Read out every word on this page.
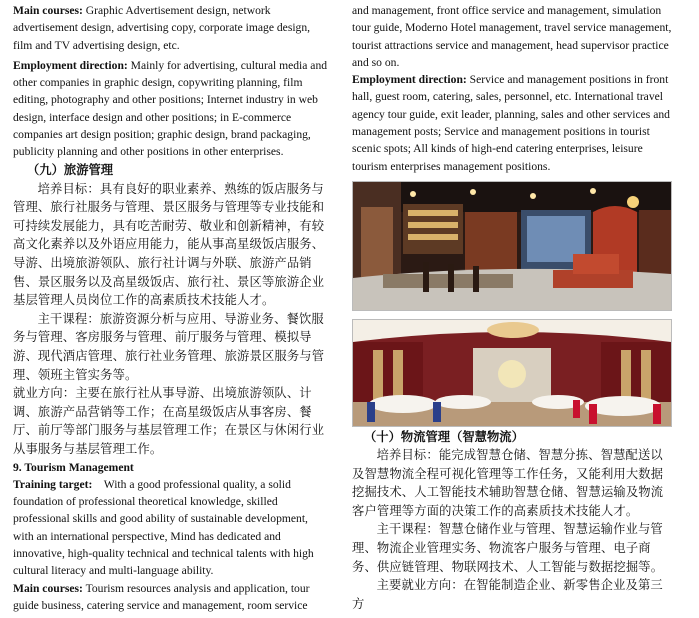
Main courses: Graphic Advertisement design, network advertisement design, advertising copy, corporate image design, film and TV advertising design, etc.

Employment direction: Mainly for advertising, cultural media and other companies in graphic design, copywriting planning, film editing, photography and other positions; Internet industry in web design, interface design and other positions; in E-commerce companies art design position; graphic design, brand packaging, publicity planning and other positions in other enterprises.

（九）旅游管理

培养目标：具有良好的职业素养、熟练的饭店服务与管理、旅行社服务与管理、景区服务与管理等专业技能和可持续发展能力，具有吃苦耐劳、敬业和创新精神，有较高文化素养以及外语应用能力，能从事高星级饭店服务、导游、出境旅游领队、旅行社计调与外联、旅游产品销售、景区服务以及高星级饭店、旅行社、景区等旅游企业基层管理人员岗位工作的高素质技术技能人才。

主干课程：旅游资源分析与应用、导游业务、餐饮服务与管理、客房服务与管理、前厅服务与管理、模拟导游、现代酒店管理、旅行社业务管理、旅游景区服务与管理、领班主管实务等。

就业方向：主要在旅行社从事导游、出境旅游领队、计调、旅游产品营销等工作；在高星级饭店从事客房、餐厅、前厅等部门服务与基层管理工作；在景区与休闲行业从事服务与基层管理工作。

9. Tourism Management

Training target: With a good professional quality, a solid foundation of professional theoretical knowledge, skilled professional skills and good ability of sustainable development, with an international perspective, Mind has dedicated and innovative, high-quality technical and technical talents with high cultural literacy and multi-language ability.

Main courses: Tourism resources analysis and application, tour guide business, catering service and management, room service

and management, front office service and management, simulation tour guide, Moderno Hotel management, travel service management, tourist attractions service and management, head supervisor practice and so on.

Employment direction: Service and management positions in front hall, guest room, catering, sales, personnel, etc. International travel agency tour guide, exit leader, planning, sales and other services and management posts; Service and management positions in tourist scenic spots; All kinds of high-end catering enterprises, leisure tourism enterprises management positions.

（十）物流管理（智慧物流）

培养目标：能完成智慧仓储、智慧分拣、智慧配送以及智慧物流全程可视化管理等工作任务，又能利用大数据挖掘技术、人工智能技术辅助智慧仓储、智慧运输及物流客户管理等方面的决策工作的高素质技术技能人才。

主干课程：智慧仓储作业与管理、智慧运输作业与管理、物流企业管理实务、物流客户服务与管理、电子商务、供应链管理、物联网技术、人工智能与数据挖掘等。

主要就业方向：在智能制造企业、新零售企业及第三方
